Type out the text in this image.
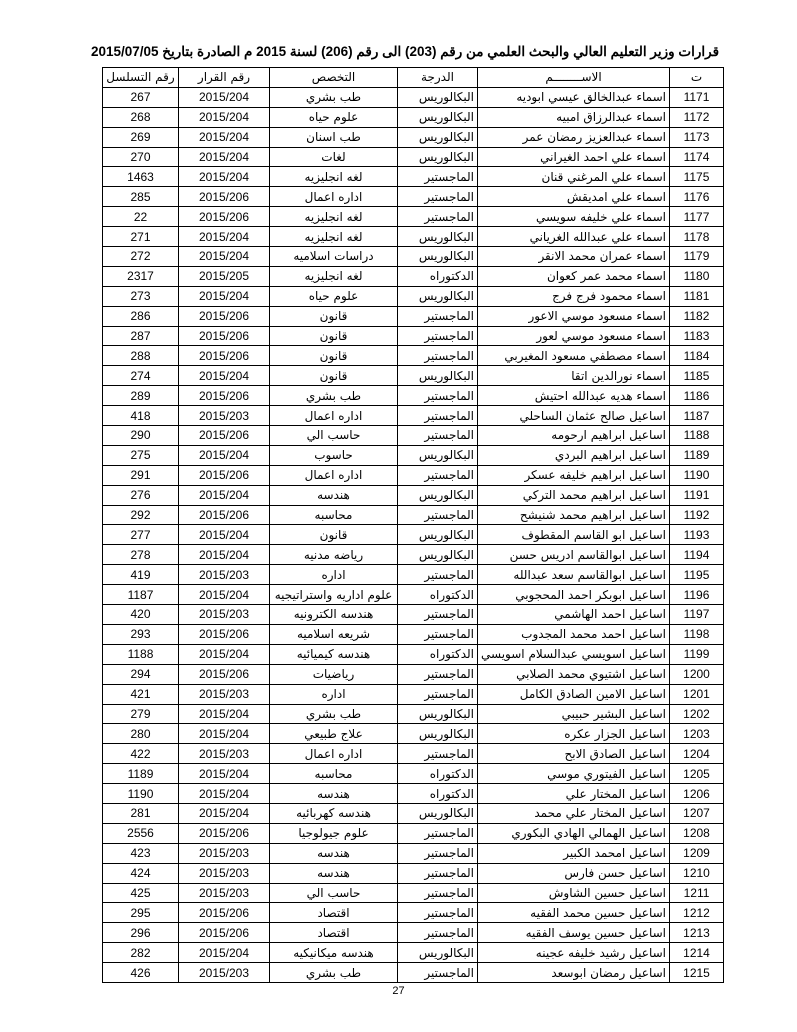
قرارات وزير التعليم العالي والبحث العلمي من رقم (203) الى رقم (206) لسنة 2015 م الصادرة بتاريخ 2015/07/05
ت	الاســــــــم	الدرجة	التخصص	رقم القرار	رقم التسلسل
1171	اسماء عبدالخالق عيسي ابوديه	البكالوريس	طب بشري	2015/204	267
1172	اسماء عبدالرزاق امبيه	البكالوريس	علوم حياه	2015/204	268
1173	اسماء عبدالعزيز رمضان عمر	البكالوريس	طب اسنان	2015/204	269
1174	اسماء علي احمد الغيراني	البكالوريس	لغات	2015/204	270
1175	اسماء علي المرغني قنان	الماجستير	لغه انجليزيه	2015/204	1463
1176	اسماء علي امديقش	الماجستير	اداره اعمال	2015/206	285
1177	اسماء علي خليفه سويسي	الماجستير	لغه انجليزيه	2015/206	22
1178	اسماء علي عبدالله الغرياني	البكالوريس	لغه انجليزيه	2015/204	271
1179	اسماء عمران محمد الانقر	البكالوريس	دراسات اسلاميه	2015/204	272
1180	اسماء محمد عمر كعوان	الدكتوراه	لغه انجليزيه	2015/205	2317
1181	اسماء محمود فرج فرج	البكالوريس	علوم حياه	2015/204	273
1182	اسماء مسعود موسي الاعور	الماجستير	قانون	2015/206	286
1183	اسماء مسعود موسي لعور	الماجستير	قانون	2015/206	287
1184	اسماء مصطفي مسعود المغيربي	الماجستير	قانون	2015/206	288
1185	اسماء نورالدين اتقا	البكالوريس	قانون	2015/204	274
1186	اسماء هديه عبدالله احتيش	الماجستير	طب بشري	2015/206	289
1187	اساعيل صالح عثمان الساحلي	الماجستير	اداره اعمال	2015/203	418
1188	اساعيل ابراهيم ارحومه	الماجستير	حاسب الي	2015/206	290
1189	اساعيل ابراهيم البردي	البكالوريس	حاسوب	2015/204	275
1190	اساعيل ابراهيم خليفه عسكر	الماجستير	اداره اعمال	2015/206	291
1191	اساعيل ابراهيم محمد التركي	البكالوريس	هندسه	2015/204	276
1192	اساعيل ابراهيم محمد شنيشح	الماجستير	محاسبه	2015/206	292
1193	اساعيل ابو القاسم المقطوف	البكالوريس	قانون	2015/204	277
1194	اساعيل ابوالقاسم ادريس حسن	البكالوريس	رياضه مدنيه	2015/204	278
1195	اساعيل ابوالقاسم سعد عبدالله	الماجستير	اداره	2015/203	419
1196	اساعيل ابوبكر احمد المحجوبي	الدكتوراه	علوم اداريه واستراتيجيه	2015/204	1187
1197	اساعيل احمد الهاشمي	الماجستير	هندسه الكترونيه	2015/203	420
1198	اساعيل احمد محمد المجدوب	الماجستير	شريعه اسلاميه	2015/206	293
1199	اساعيل اسويسي عبدالسلام اسويسي	الدكتوراه	هندسه كيميائيه	2015/204	1188
1200	اساعيل اشتيوي محمد الصلابي	الماجستير	رياضيات	2015/206	294
1201	اساعيل الامين الصادق الكامل	الماجستير	اداره	2015/203	421
1202	اساعيل البشير حبيبي	البكالوريس	طب بشري	2015/204	279
1203	اساعيل الجزار عكره	البكالوريس	علاج طبيعي	2015/204	280
1204	اساعيل الصادق الابح	الماجستير	اداره اعمال	2015/203	422
1205	اساعيل الفيتوري موسي	الدكتوراه	محاسبه	2015/204	1189
1206	اساعيل المختار علي	الدكتوراه	هندسه	2015/204	1190
1207	اساعيل المختار علي محمد	البكالوريس	هندسه كهربائيه	2015/204	281
1208	اساعيل الهمالي الهادي البكوري	الماجستير	علوم جيولوجيا	2015/206	2556
1209	اساعيل امحمد الكبير	الماجستير	هندسه	2015/203	423
1210	اساعيل حسن فارس	الماجستير	هندسه	2015/203	424
1211	اساعيل حسين الشاوش	الماجستير	حاسب الي	2015/203	425
1212	اساعيل حسين محمد الفقيه	الماجستير	اقتصاد	2015/206	295
1213	اساعيل حسين يوسف الفقيه	الماجستير	اقتصاد	2015/206	296
1214	اساعيل رشيد خليفه عجينه	البكالوريس	هندسه ميكانيكيه	2015/204	282
1215	اساعيل رمضان ابوسعد	الماجستير	طب بشري	2015/203	426
27
